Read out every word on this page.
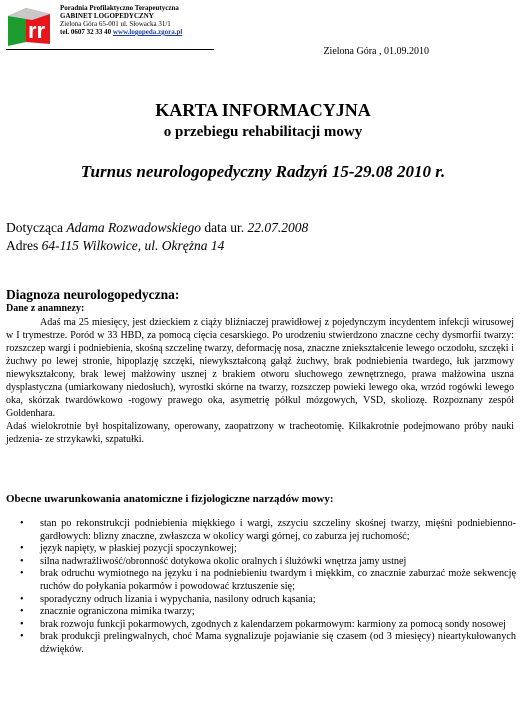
rr
Poradnia Profilaktyczno Terapeutyczna
GABINET LOGOPEDYCZNY
Zielona Góra 65-001 ul. Słowacka 31/1
tel. 0607 32 33 40 www.logopeda.zgora.pl
Zielona Góra , 01.09.2010
KARTA INFORMACYJNA
o przebiegu rehabilitacji mowy
Turnus neurologopedyczny Radzyń 15-29.08 2010 r.
Dotycząca Adama Rozwadowskiego data ur. 22.07.2008
Adres 64-115 Wilkowice, ul. Okrężna 14
Diagnoza neurologopedyczna:
Dane z anamnezy:

Adaś ma 25 miesięcy, jest dzieckiem z ciąży bliźniaczej prawidłowej z pojedynczym incydentem infekcji wirusowej w I trymestrze. Poród w 33 HBD, za pomocą cięcia cesarskiego. Po urodzeniu stwierdzono znaczne cechy dysmorfii twarzy: rozszczep wargi i podniebienia, skośną szczelinę twarzy, deformację nosa, znaczne zniekształcenie lewego oczodołu, szczęki i żuchwy po lewej stronie, hipoplazję szczęki, niewykształconą gałąź żuchwy, brak podniebienia twardego, łuk jarzmowy niewykształcony, brak lewej małżowiny usznej z brakiem otworu słuchowego zewnętrznego, prawa małżowina uszna dysplastyczna (umiarkowany niedosłuch), wyrostki skórne na twarzy, rozszczep powieki lewego oka, wrzód rogówki lewego oka, skórzak twardówkowo -rogowy prawego oka, asymetrię półkul mózgowych, VSD, skoliozę. Rozpoznany zespół Goldenhara.

Adaś wielokrotnie był hospitalizowany, operowany, zaopatrzony w tracheotomię. Kilkakrotnie podejmowano próby nauki jedzenia- ze strzykawki, szpatułki.

Obecne uwarunkowania anatomiczne i fizjologiczne narządów mowy:
• stan po rekonstrukcji podniebienia miękkiego i wargi, zszyciu szczeliny skośnej twarzy, mięśni podniebienno-gardłowych: blizny znaczne, zwłaszcza w okolicy wargi górnej, co zaburza jej ruchomość;
• język napięty, w płaskiej pozycji spoczynkowej;
• silna nadwrażliwość/obronność dotykowa okolic oralnych i ślużówki wnętrza jamy ustnej
• brak odruchu wymiotnego na języku i na podniebieniu twardym i miękkim, co znacznie zaburzać może sekwencję ruchów do połykania pokarmów i powodować krztuszenie się;
• sporadyczny odruch lizania i wypychania, nasilony odruch kąsania;
• znacznie ograniczona mimika twarzy;
• brak rozwoju funkcji pokarmowych, zgodnych z kalendarzem pokarmowym: karmiony za pomocą sondy nosowej
• brak produkcji prelingwalnych, choć Mama sygnalizuje pojawianie się czasem (od 3 miesięcy) nieartykułowanych dźwięków.
